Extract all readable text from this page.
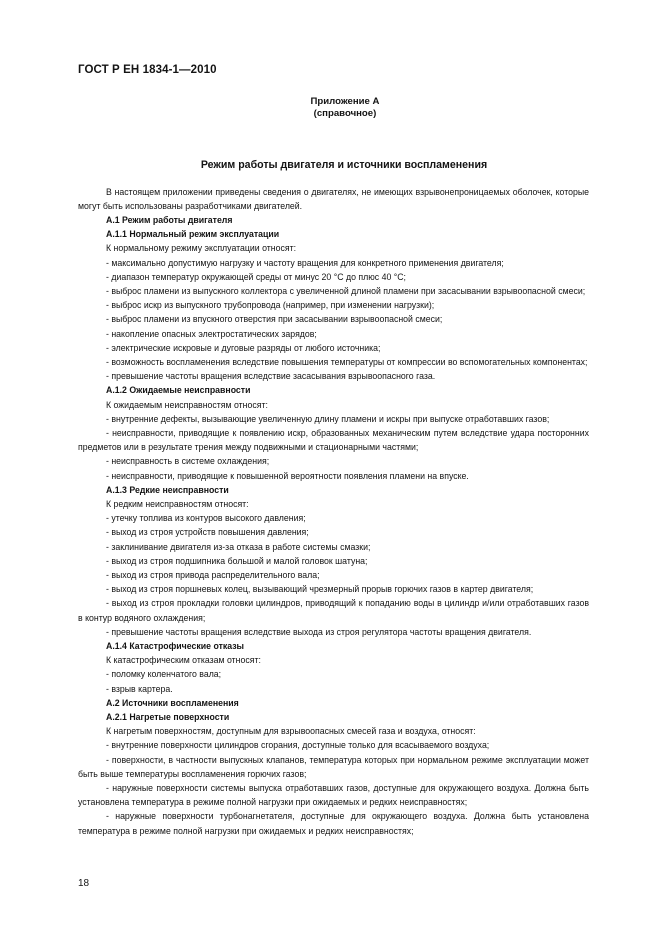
ГОСТ Р ЕН 1834-1—2010
Приложение А
(справочное)
Режим работы двигателя и источники воспламенения

В настоящем приложении приведены сведения о двигателях, не имеющих взрывонепроницаемых оболочек, которые могут быть использованы разработчиками двигателей.

А.1 Режим работы двигателя

А.1.1 Нормальный режим эксплуатации

К нормальному режиму эксплуатации относят:

- максимально допустимую нагрузку и частоту вращения для конкретного применения двигателя;

- диапазон температур окружающей среды от минус 20 °С до плюс 40 °С;

- выброс пламени из выпускного коллектора с увеличенной длиной пламени при засасывании взрывоопасной смеси;

- выброс искр из выпускного трубопровода (например, при изменении нагрузки);

- выброс пламени из впускного отверстия при засасывании взрывоопасной смеси;

- накопление опасных электростатических зарядов;

- электрические искровые и дуговые разряды от любого источника;

- возможность воспламенения вследствие повышения температуры от компрессии во вспомогательных компонентах;

- превышение частоты вращения вследствие засасывания взрывоопасного газа.

А.1.2 Ожидаемые неисправности

К ожидаемым неисправностям относят:

- внутренние дефекты, вызывающие увеличенную длину пламени и искры при выпуске отработавших газов;

- неисправности, приводящие к появлению искр, образованных механическим путем вследствие удара посторонних предметов или в результате трения между подвижными и стационарными частями;

- неисправность в системе охлаждения;

- неисправности, приводящие к повышенной вероятности появления пламени на впуске.

А.1.3 Редкие неисправности

К редким неисправностям относят:

- утечку топлива из контуров высокого давления;

- выход из строя устройств повышения давления;

- заклинивание двигателя из-за отказа в работе системы смазки;

- выход из строя подшипника большой и малой головок шатуна;

- выход из строя привода распределительного вала;

- выход из строя поршневых колец, вызывающий чрезмерный прорыв горючих газов в картер двигателя;

- выход из строя прокладки головки цилиндров, приводящий к попаданию воды в цилиндр и/или отработавших газов в контур водяного охлаждения;

- превышение частоты вращения вследствие выхода из строя регулятора частоты вращения двигателя.

А.1.4 Катастрофические отказы

К катастрофическим отказам относят:

- поломку коленчатого вала;

- взрыв картера.

А.2 Источники воспламенения

А.2.1 Нагретые поверхности

К нагретым поверхностям, доступным для взрывоопасных смесей газа и воздуха, относят:

- внутренние поверхности цилиндров сгорания, доступные только для всасываемого воздуха;

- поверхности, в частности выпускных клапанов, температура которых при нормальном режиме эксплуатации может быть выше температуры воспламенения горючих газов;

- наружные поверхности системы выпуска отработавших газов, доступные для окружающего воздуха. Должна быть установлена температура в режиме полной нагрузки при ожидаемых и редких неисправностях;

- наружные поверхности турбонагнетателя, доступные для окружающего воздуха. Должна быть установлена температура в режиме полной нагрузки при ожидаемых и редких неисправностях;

18
